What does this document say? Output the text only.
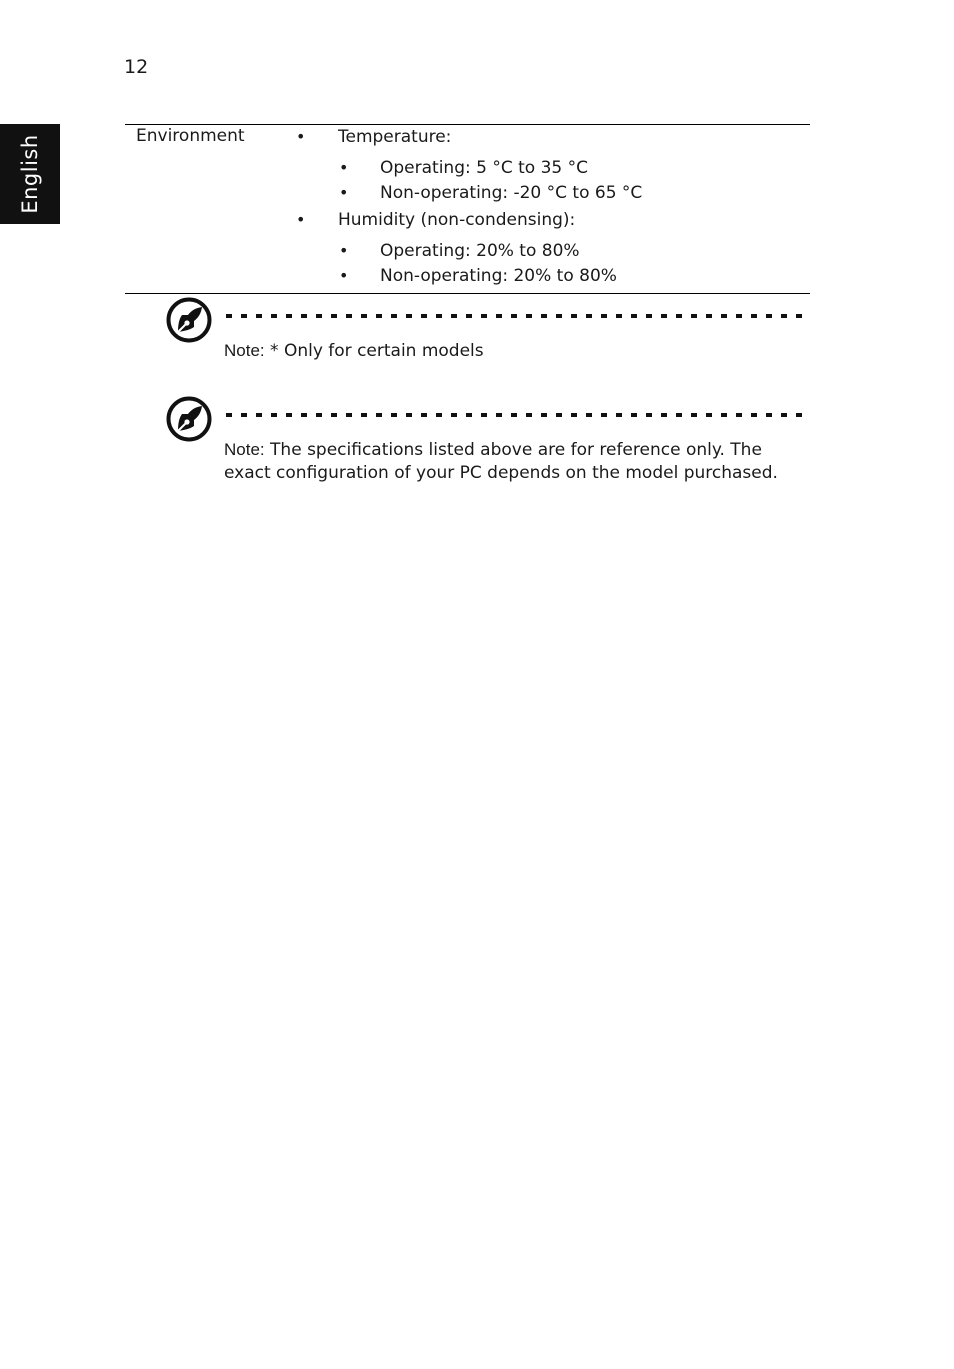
12
English	Environment	• Temperature:
• Operating: 5 °C to 35 °C
• Non-operating: -20 °C to 65 °C
• Humidity (non-condensing):
• Operating: 20% to 80%
• Non-operating: 20% to 80%
Note: * Only for certain models
Note: The specifications listed above are for reference only. The exact configuration of your PC depends on the model purchased.
